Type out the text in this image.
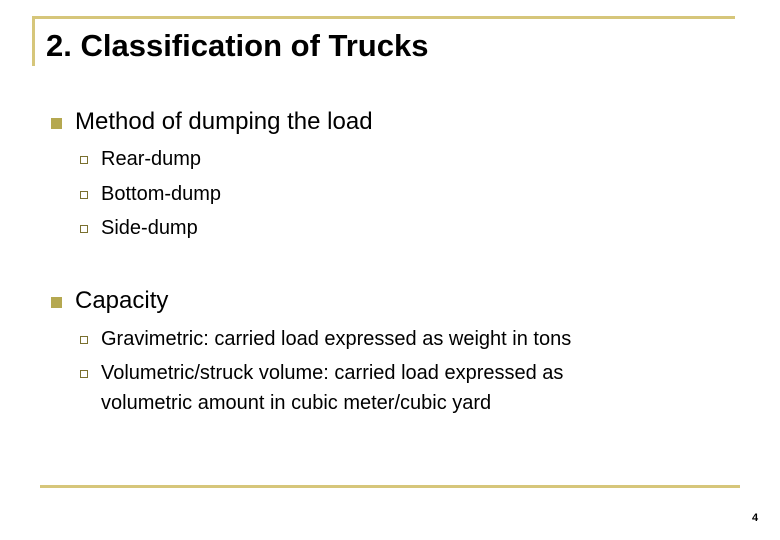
2. Classification of Trucks
Method of dumping the load
Rear-dump
Bottom-dump
Side-dump
Capacity
Gravimetric: carried load expressed as weight in tons
Volumetric/struck volume: carried load expressed as
volumetric amount in cubic meter/cubic yard
4
